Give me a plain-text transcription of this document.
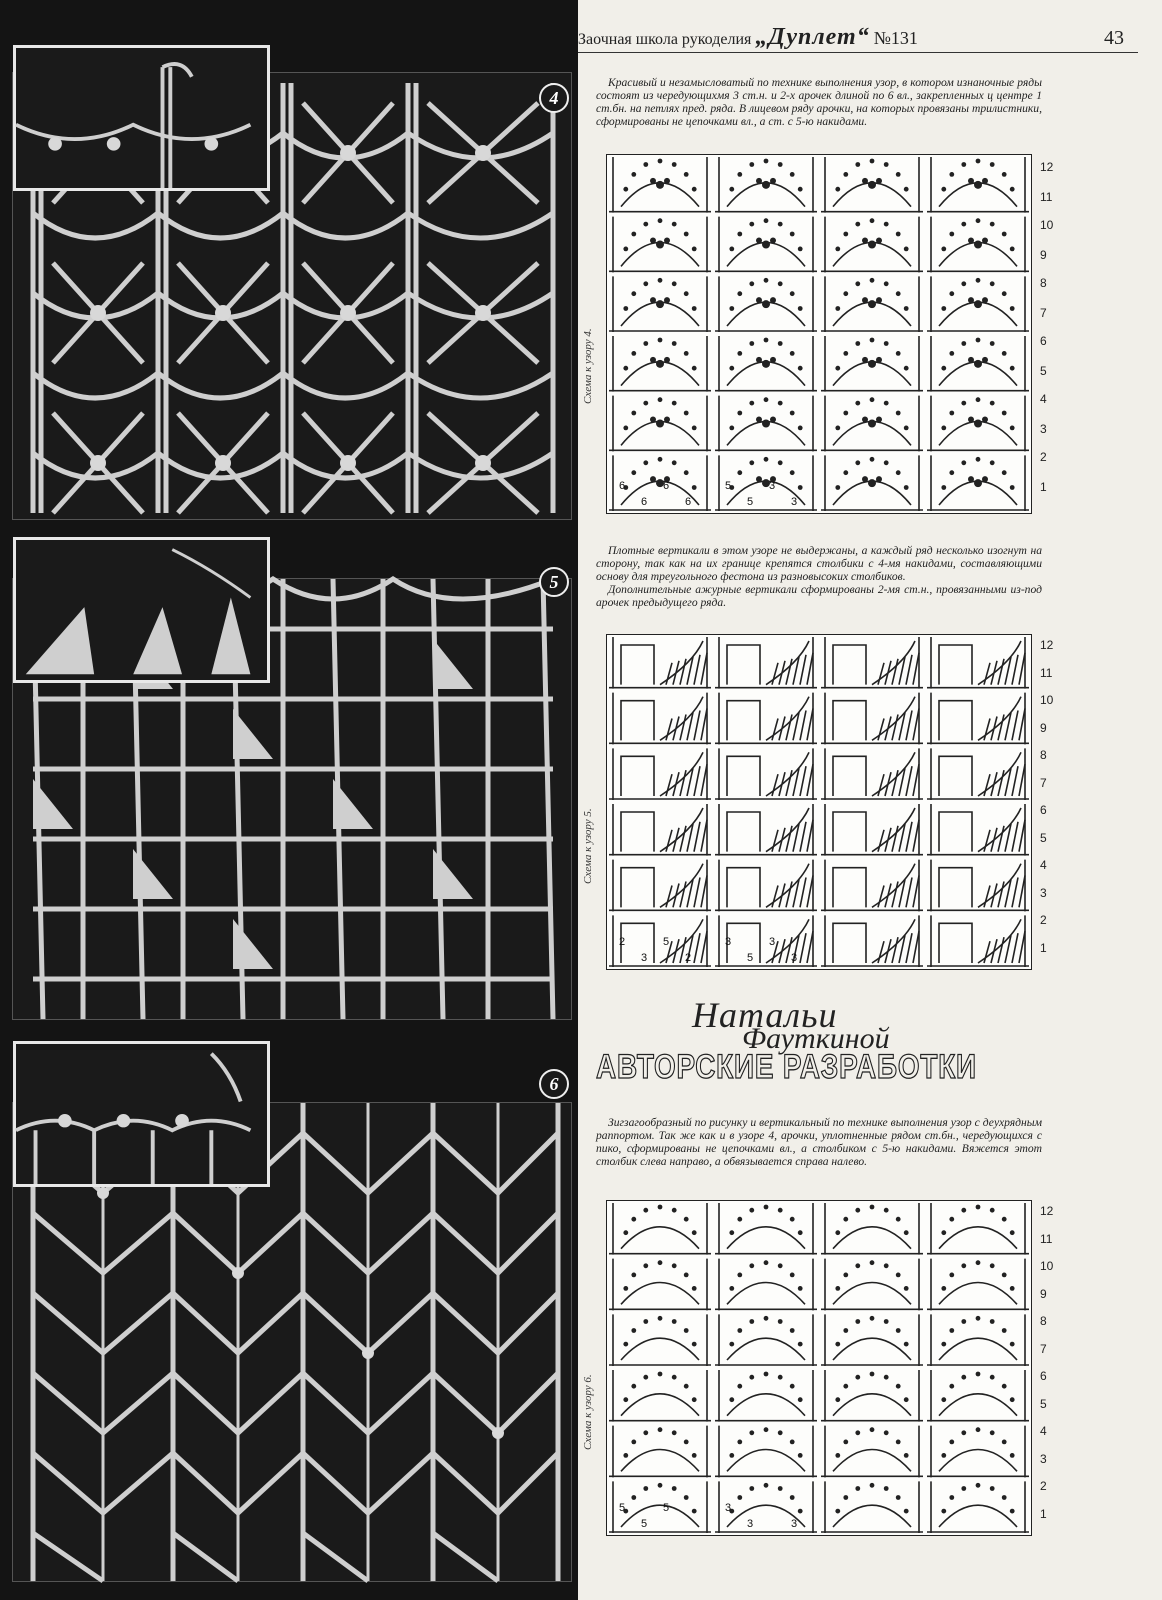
4
5
6
Заочная школа рукоделия „Дуплет“ №131	43

Красивый и незамысловатый по технике выполнения узор, в котором изнаночные ряды состоят из чередующихмя 3 ст.н. и 2-х арочек длиной по 6 вл., закрепленных ц центре 1 ст.бн. на петлях пред. ряда. В лицевом ряду арочки, на которых провязаны трилистники, сформированы не цепочками вл., а ст. с 5-ю накидами.

Схема к узору 4.
6
6
6
6
5
5
3
3
12
11
10
9
8
7
6
5
4
3
2
1

Плотные вертикали в этом узоре не выдержаны, а каждый ряд несколько изогнут на сторону, так как на их границе крепятся столбики с 4-мя накидами, составляющими основу для треугольного фестона из разновысоких столбиков.

Дополнительные ажурные вертикали сформированы 2-мя ст.н., провязанными из-под арочек предыдущего ряда.

Схема к узору 5.
2
3
5
2
3
5
3
3
12
11
10
9
8
7
6
5
4
3
2
1
Натальи
Фауткиной
АВТОРСКИЕ РАЗРАБОТКИ

Зигзагообразный по рисунку и вертикальный по технике выполнения узор с деухрядным раппортом. Так же как и в узоре 4, арочки, уплотненные рядом ст.бн., чередующихся с пико, сформированы не цепочками вл., а столбиком с 5-ю накидами. Вяжется этот столбик слева направо, а обвязывается справа налево.

Схема к узору 6.
5
5
5
3
3
3
12
11
10
9
8
7
6
5
4
3
2
1
